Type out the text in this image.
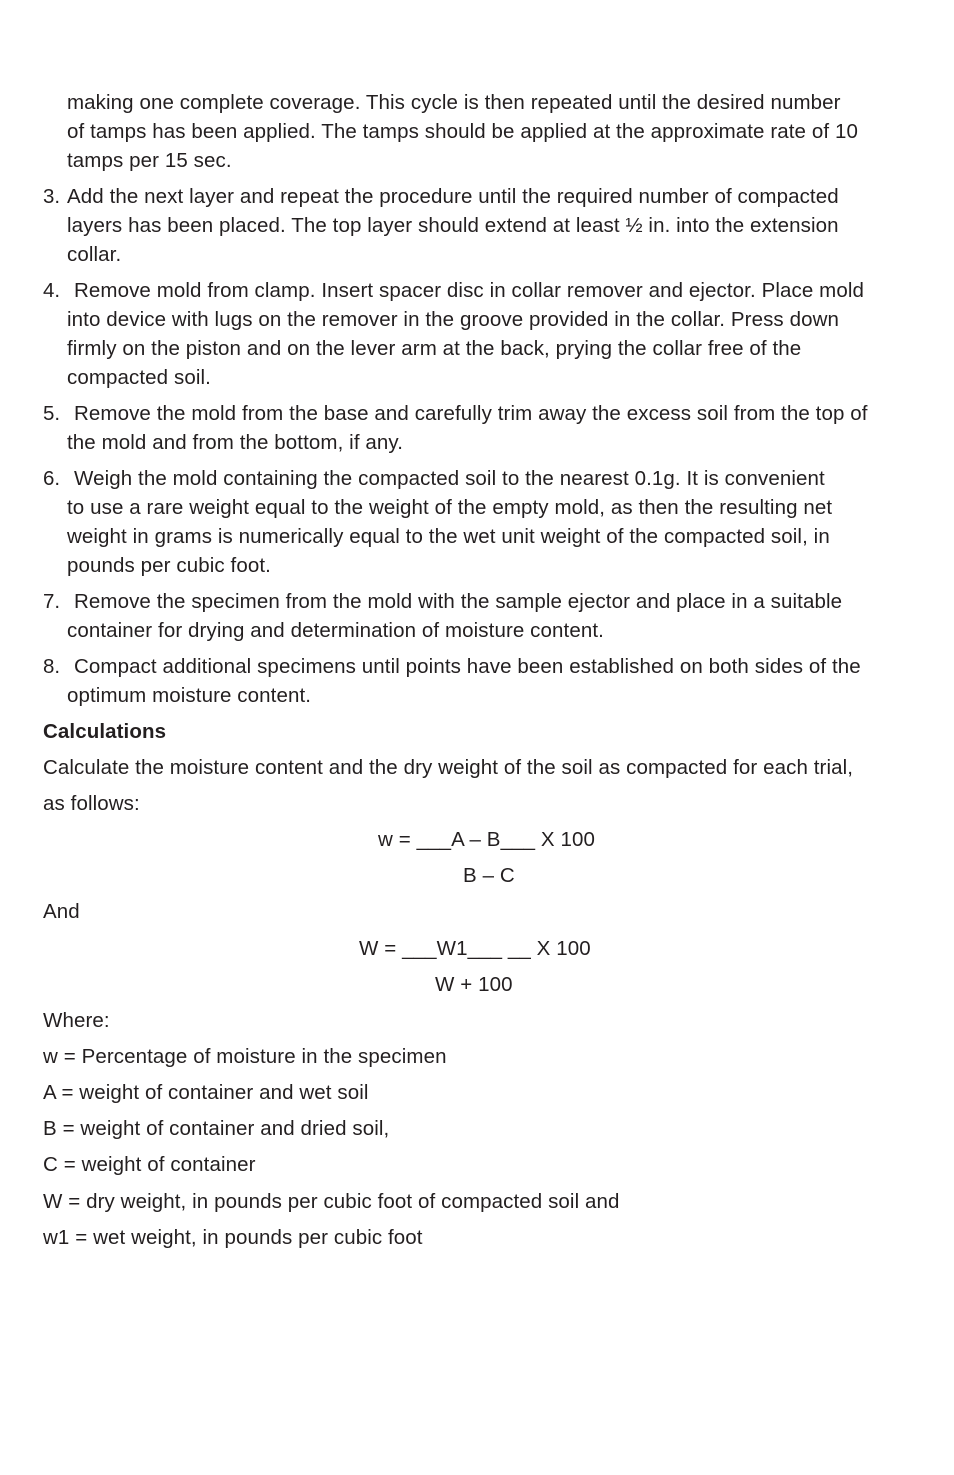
making one complete coverage. This cycle is then repeated until the desired number
of tamps has been applied. The tamps should be applied at the approximate rate of 10
tamps per 15 sec.
3. Add the next layer and repeat the procedure until the required number of compacted
layers has been placed. The top layer should extend at least ½ in. into the extension
collar.
4. Remove mold from clamp. Insert spacer disc in collar remover and ejector. Place mold
into device with lugs on the remover in the groove provided in the collar. Press down
firmly on the piston and on the lever arm at the back, prying the collar free of the
compacted soil.
5. Remove the mold from the base and carefully trim away the excess soil from the top of
the mold and from the bottom, if any.
6. Weigh the mold containing the compacted soil to the nearest 0.1g. It is convenient
to use a rare weight equal to the weight of the empty mold, as then the resulting net
weight in grams is numerically equal to the wet unit weight of the compacted soil, in
pounds per cubic foot.
7. Remove the specimen from the mold with the sample ejector and place in a suitable
container for drying and determination of moisture content.
8. Compact additional specimens until points have been established on both sides of the
optimum moisture content.
Calculations
Calculate the moisture content and the dry weight of the soil as compacted for each trial,
as follows:
w = ___A – B___ X 100
B – C
And
W = ___W1___ __ X 100
W + 100
Where:
w = Percentage of moisture in the specimen
A = weight of container and wet soil
B = weight of container and dried soil,
C = weight of container
W = dry weight, in pounds per cubic foot of compacted soil and
w1 = wet weight, in pounds per cubic foot
